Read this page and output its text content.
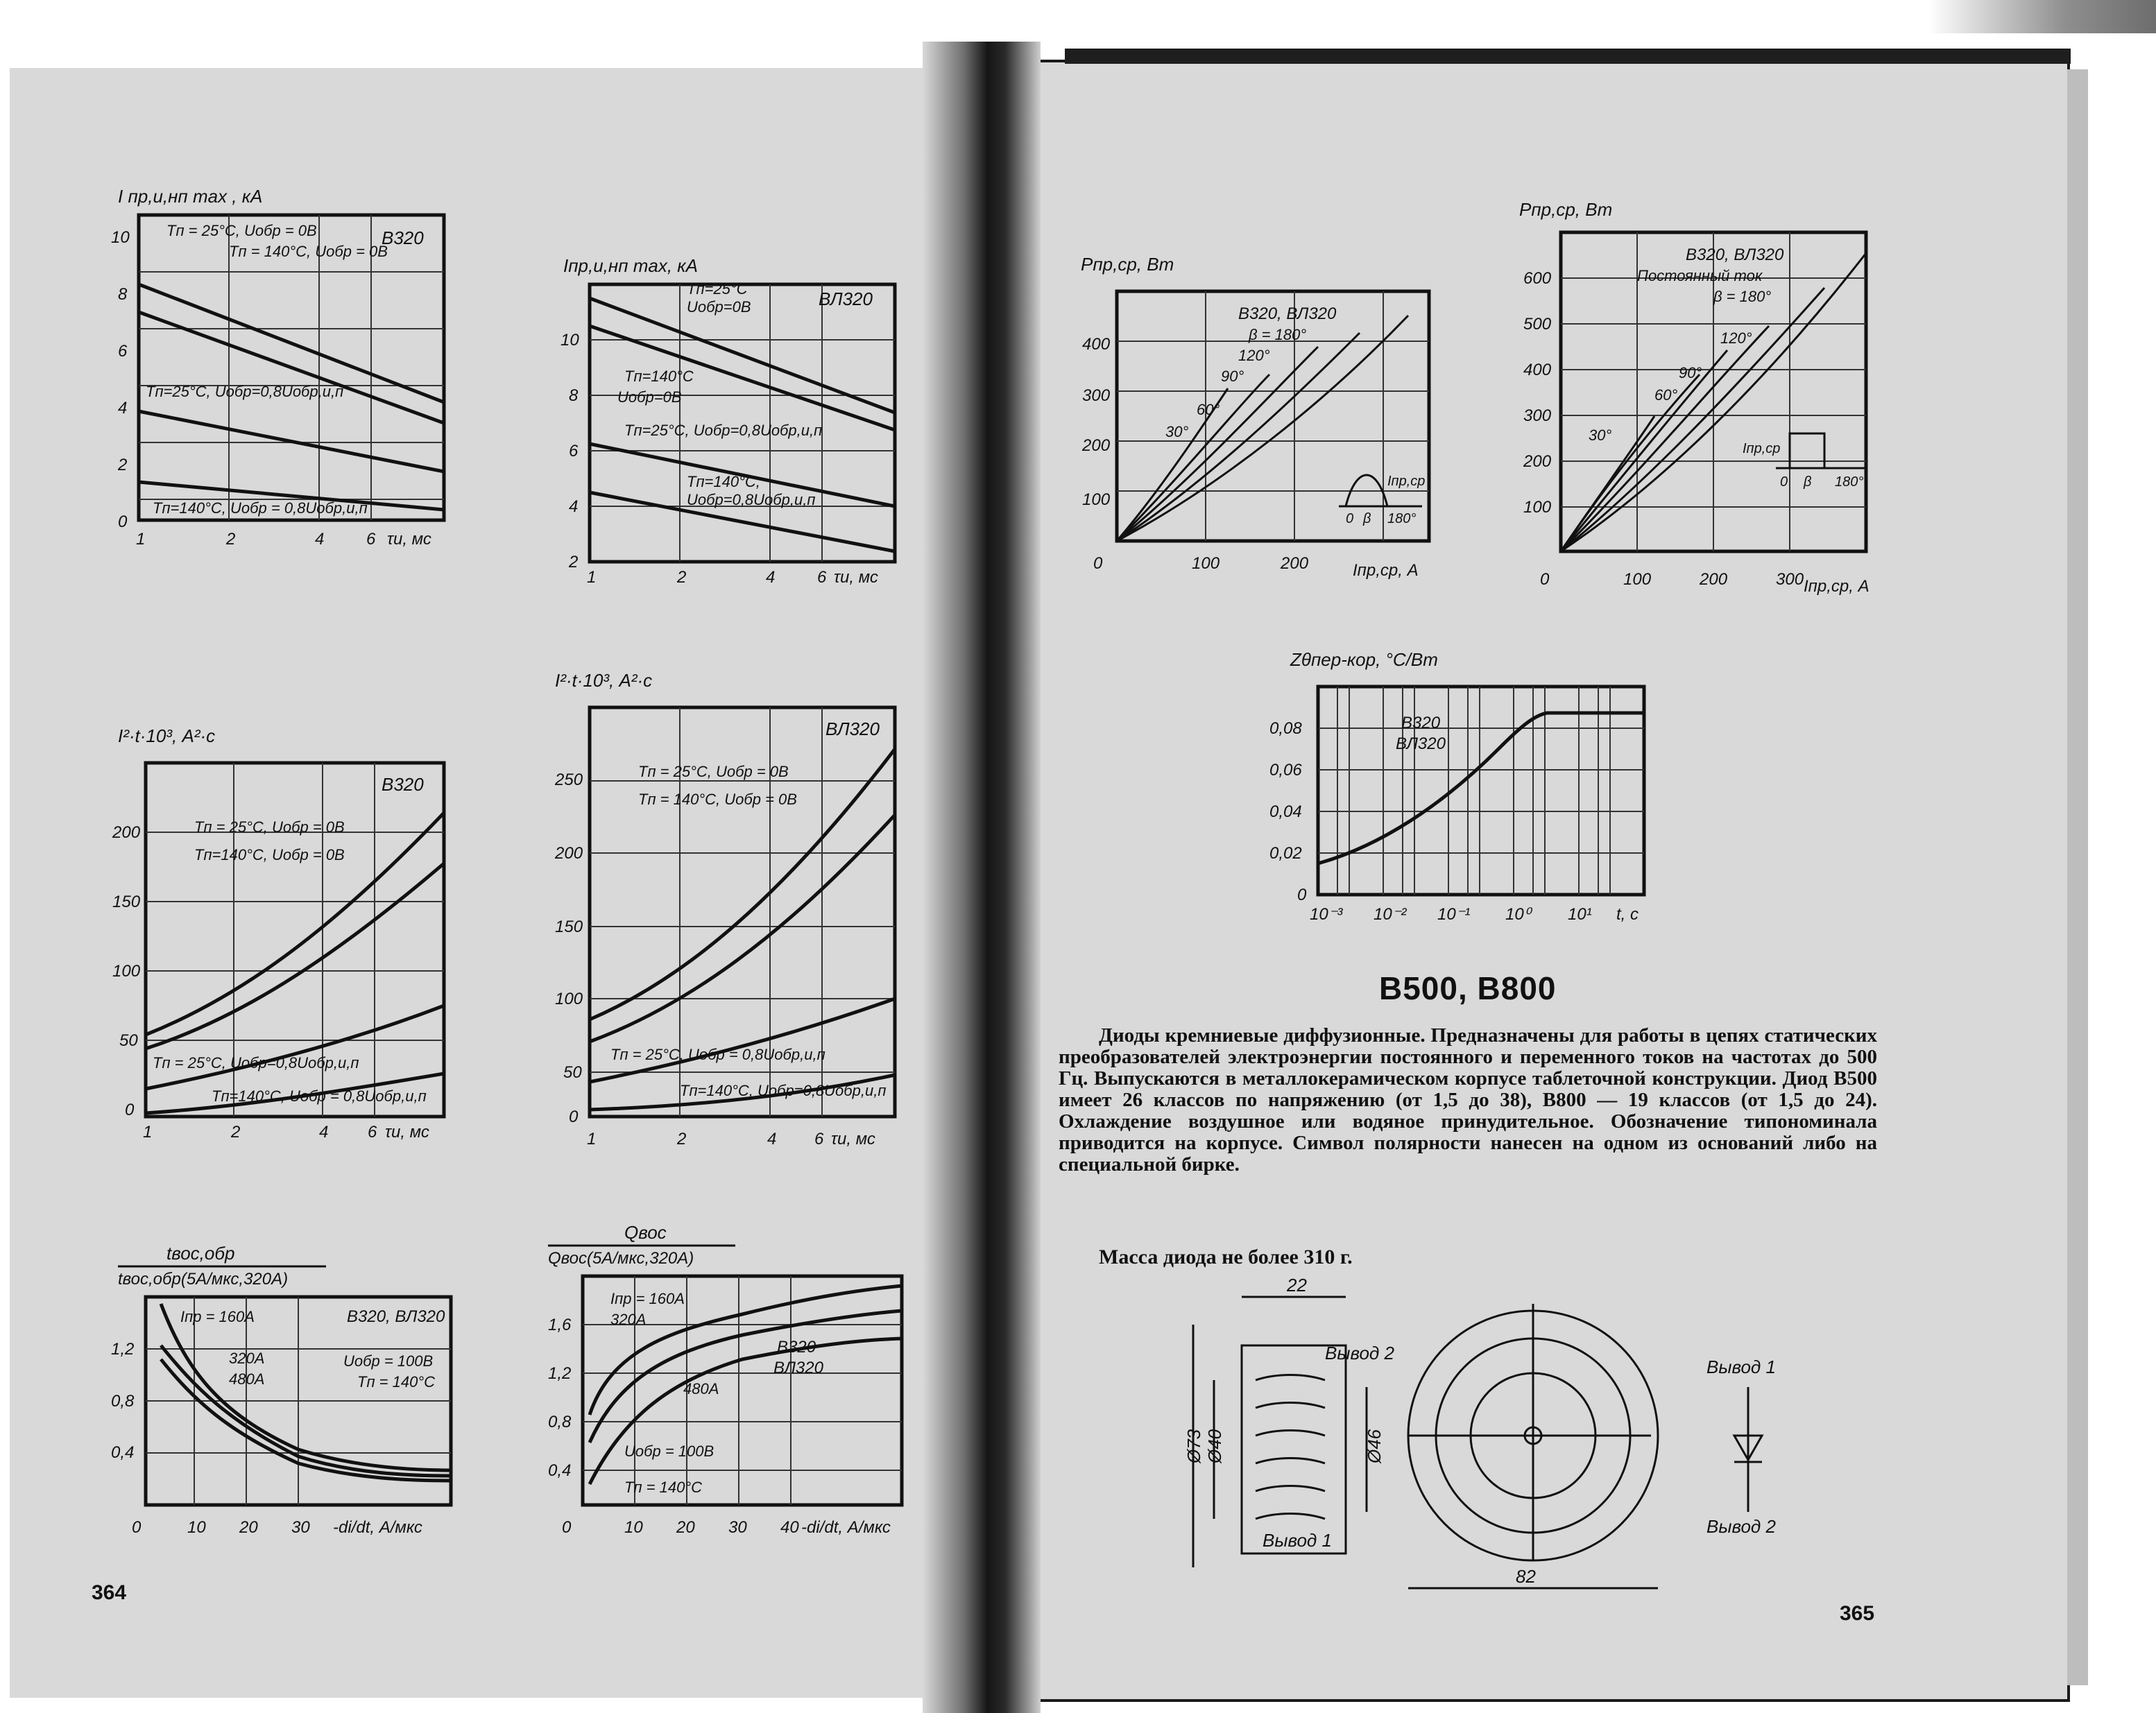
I пр,и,нп max , кА
В320
Tп = 25°C, Uобр = 0В
Tп = 140°C, Uобр = 0В
Tп=25°C, Uобр=0,8Uобр,и,п
Tп=140°C, Uобр = 0,8Uобр,и,п
0
2
4
6
8
10
1	2	4	6 τи, мс
Iпр,и,нп max, кА
ВЛ320
Tп=25°C
Uобр=0В
Tп=140°C
Uобр=0В
Tп=25°C, Uобр=0,8Uобр,и,п
Tп=140°C,
Uобр=0,8Uобр,и,п
2
4
6
8
10
1	2	4	6 τи, мс
I²·t·10³, А²·с
В320
Tп = 25°C, Uобр = 0В
Tп=140°C, Uобр = 0В
Tп = 25°C, Uобр=0,8Uобр,и,п
Tп=140°C, Uобр = 0,8Uобр,и,п
0
50
100
150
200
1	2	4 6 τи, мс
I²·t·10³, А²·с
ВЛ320
Tп = 25°C, Uобр = 0В
Tп = 140°C, Uобр = 0В
Tп = 25°C, Uобр = 0,8Uобр,и,п
Tп=140°C, Uобр=0,8Uобр,и,п
0
50
100
150
200
250
1	2	4 6 τи, мс
tвос,обр
tвос,обр(5А/мкс,320А)
В320, ВЛ320
Iпр = 160А
320А
480А
Uобр = 100В
Tп = 140°C
0,4
0,8
1,2
0	10 20 30 -di/dt, А/мкс
Qвос
Qвос(5А/мкс,320А)
В320
ВЛ320
Iпр = 160А
320А
480А
Uобр = 100В
Tп = 140°C
0,4
0,8
1,2
1,6
0	10 20 30 40 -di/dt, А/мкс
Pпр,ср, Вт
В320, ВЛ320
β = 180°
120°
90°
60°
30°
Iпр,ср
0 β 180°
100
200
300
400
0	100	200	Iпр,ср, А
Pпр,ср, Вт
В320, ВЛ320
Постоянный ток
β = 180°
120°
90°
60°
30°
Iпр,ср
0 β 180°
100
200
300
400
500
600
0	100	200	300 Iпр,ср, А
Zθпер-кор, °C/Вт
В320
ВЛ320
0
0,02
0,04
0,06
0,08
10⁻³ 10⁻² 10⁻¹ 10⁰ 10¹ t, с
В500, В800

Диоды кремниевые диффузионные. Предназначены для работы в цепях статических преобразователей электроэнергии постоянного и переменного токов на частотах до 500 Гц. Выпускаются в металлокерамическом корпусе таблеточной конструкции. Диод В500 имеет 26 классов по напряжению (от 1,5 до 38), В800 — 19 классов (от 1,5 до 24). Охлаждение воздушное или водяное принудительное. Обозначение типономинала приводится на корпусе. Символ полярности нанесен на одном из оснований либо на специальной бирке.

Масса диода не более 310 г.
22
Ø73 Ø40	Ø46
Вывод 2
Вывод 1
82
Вывод 1
Вывод 2
364
365
